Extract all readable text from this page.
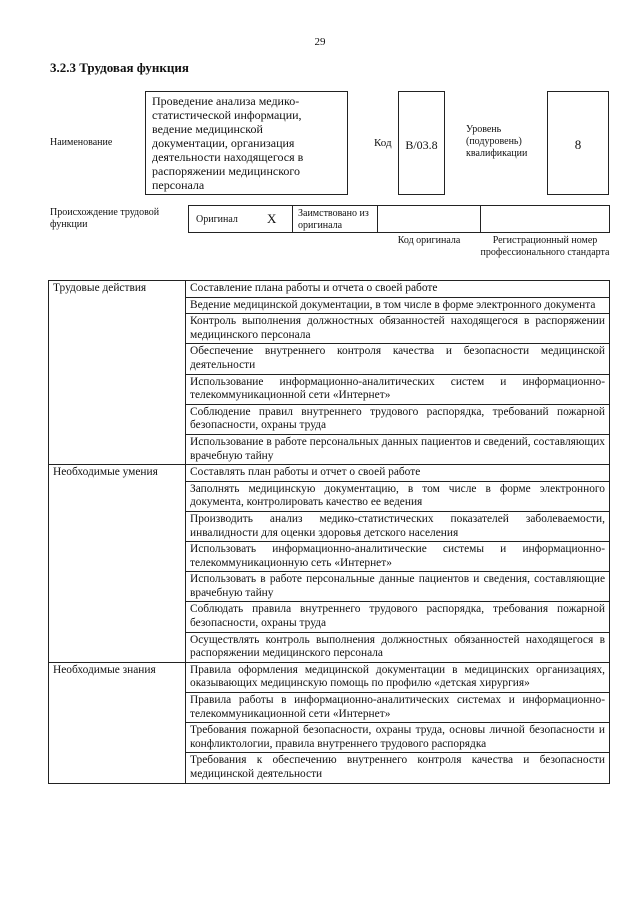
29
3.2.3 Трудовая функция
Наименование
Проведение анализа медико-статистической информации, ведение медицинской документации, организация деятельности находящегося в распоряжении медицинского персонала
Код	B/03.8
Уровень (подуровень) квалификации
8
Происхождение трудовой функции	Оригинал X Заимствовано из оригинала
Код оригинала	Регистрационный номер профессионального стандарта
Трудовые действия	Составление плана работы и отчета о своей работе
	Ведение медицинской документации, в том числе в форме электронного документа
	Контроль выполнения должностных обязанностей находящегося в распоряжении медицинского персонала
	Обеспечение внутреннего контроля качества и безопасности медицинской деятельности
	Использование информационно-аналитических систем и информационно-телекоммуникационной сети «Интернет»
	Соблюдение правил внутреннего трудового распорядка, требований пожарной безопасности, охраны труда
	Использование в работе персональных данных пациентов и сведений, составляющих врачебную тайну
Необходимые умения	Составлять план работы и отчет о своей работе
	Заполнять медицинскую документацию, в том числе в форме электронного документа, контролировать качество ее ведения
	Производить анализ медико-статистических показателей заболеваемости, инвалидности для оценки здоровья детского населения
	Использовать информационно-аналитические системы и информационно-телекоммуникационную сеть «Интернет»
	Использовать в работе персональные данные пациентов и сведения, составляющие врачебную тайну
	Соблюдать правила внутреннего трудового распорядка, требования пожарной безопасности, охраны труда
	Осуществлять контроль выполнения должностных обязанностей находящегося в распоряжении медицинского персонала
Необходимые знания	Правила оформления медицинской документации в медицинских организациях, оказывающих медицинскую помощь по профилю «детская хирургия»
	Правила работы в информационно-аналитических системах и информационно-телекоммуникационной сети «Интернет»
	Требования пожарной безопасности, охраны труда, основы личной безопасности и конфликтологии, правила внутреннего трудового распорядка
	Требования к обеспечению внутреннего контроля качества и безопасности медицинской деятельности
